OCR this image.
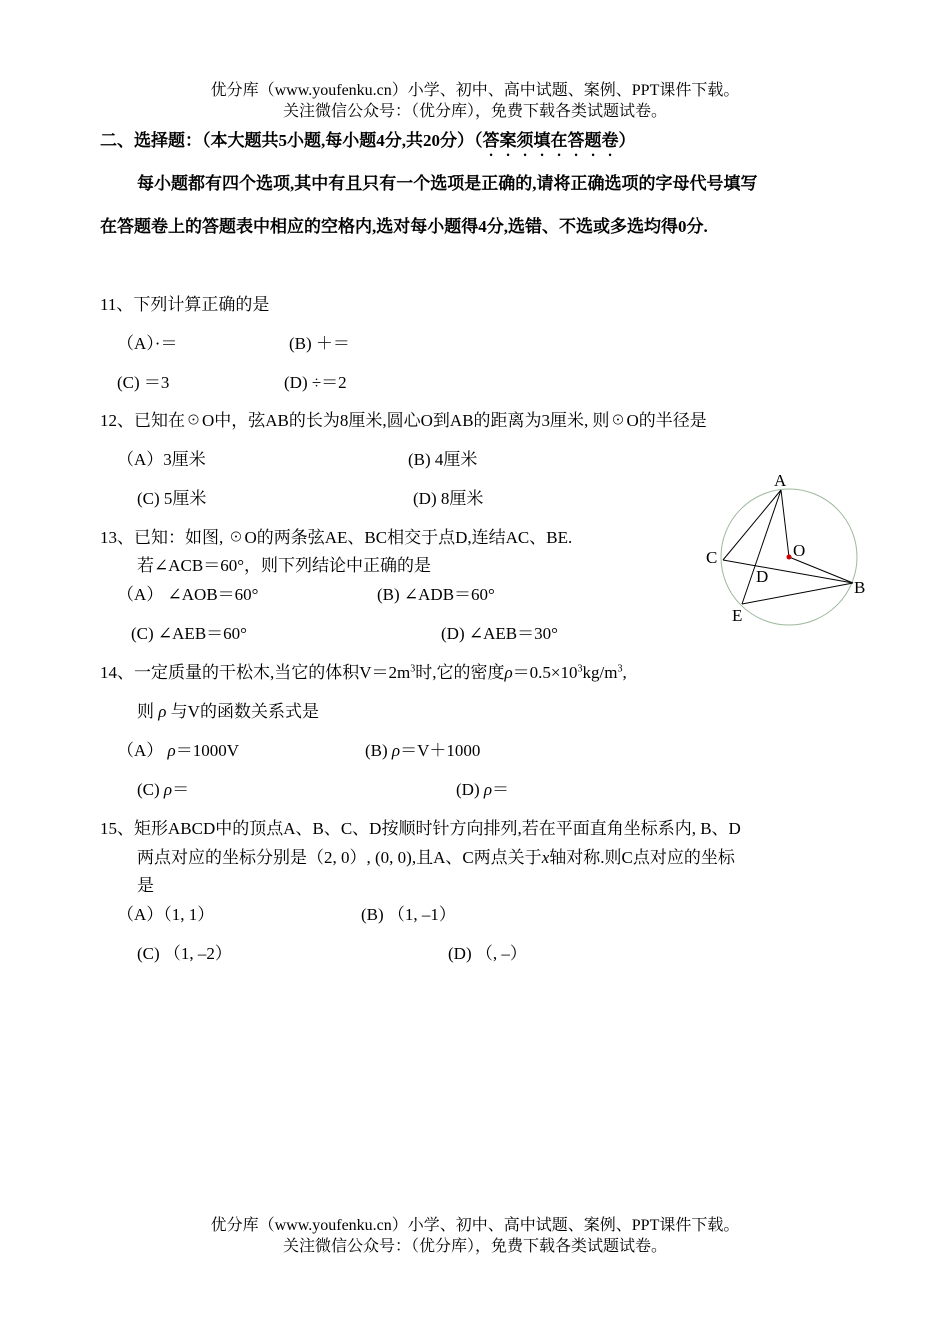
优分库（www.youfenku.cn）小学、初中、高中试题、案例、PPT课件下载。
关注微信公众号：（优分库），免费下载各类试题试卷。
二、选择题：（本大题共5小题,每小题4分,共20分）（答案须填在答题卷）
每小题都有四个选项,其中有且只有一个选项是正确的,请将正确选项的字母代号填写
在答题卷上的答题表中相应的空格内,选对每小题得4分,选错、不选或多选均得0分.
11、下列计算正确的是
（A）·＝	(B) ＋＝
(C) ＝3	(D) ÷＝2
12、已知在☉O中，弦AB的长为8厘米,圆心O到AB的距离为3厘米, 则☉O的半径是
（A）3厘米	(B) 4厘米
(C) 5厘米	(D) 8厘米
13、已知：如图, ☉O的两条弦AE、BC相交于点D,连结AC、BE.
若∠ACB＝60°，则下列结论中正确的是
（A） ∠AOB＝60°	(B) ∠ADB＝60°
(C) ∠AEB＝60°	(D) ∠AEB＝30°
A
B
C
D
E
O
14、一定质量的干松木,当它的体积$V=2m^3$时,它的密度$\rho=0.5\times 10^3kg/m^3$,
则 ρ 与V的函数关系式是
（A） ρ＝1000V	(B) ρ＝V＋1000
(C) ρ＝	(D) ρ＝
15、矩形ABCD中的顶点A、B、C、D按顺时针方向排列,若在平面直角坐标系内, B、D
两点对应的坐标分别是（2, 0）, (0, 0),且A、C两点关于x轴对称.则C点对应的坐标
是
（A）（1, 1）	(B) （1, –1）
(C) （1, –2）	(D) （, –）
优分库（www.youfenku.cn）小学、初中、高中试题、案例、PPT课件下载。
关注微信公众号：（优分库），免费下载各类试题试卷。
